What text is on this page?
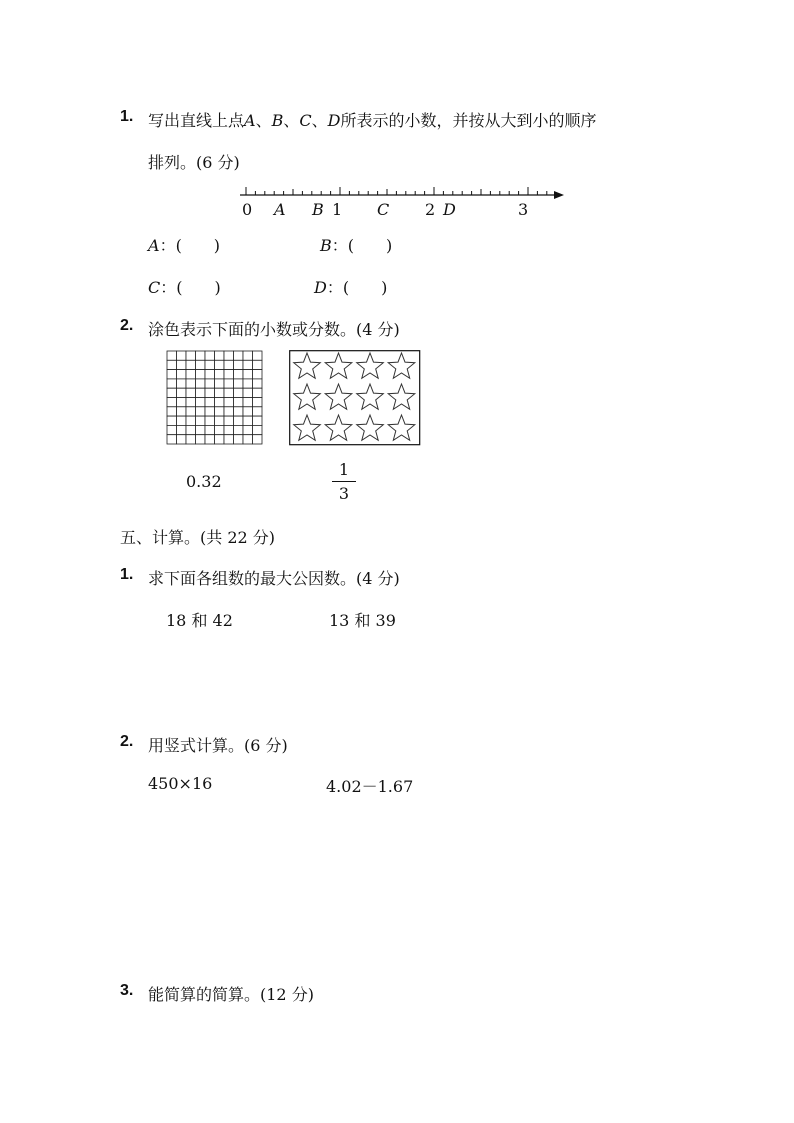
1. 写出直线上点A、B、C、D所表示的小数，并按从大到小的顺序
排列。(6 分)
0 A B 1 C 2 D	3
A：(　　)	B：(　　)
C：(　　)	D：(　　)
2. 涂色表示下面的小数或分数。(4 分)
0.32
1
3
五、计算。(共 22 分)
1. 求下面各组数的最大公因数。(4 分)
18 和 42	13 和 39
2. 用竖式计算。(6 分)
450×16	4.02－1.67
3. 能简算的简算。(12 分)
